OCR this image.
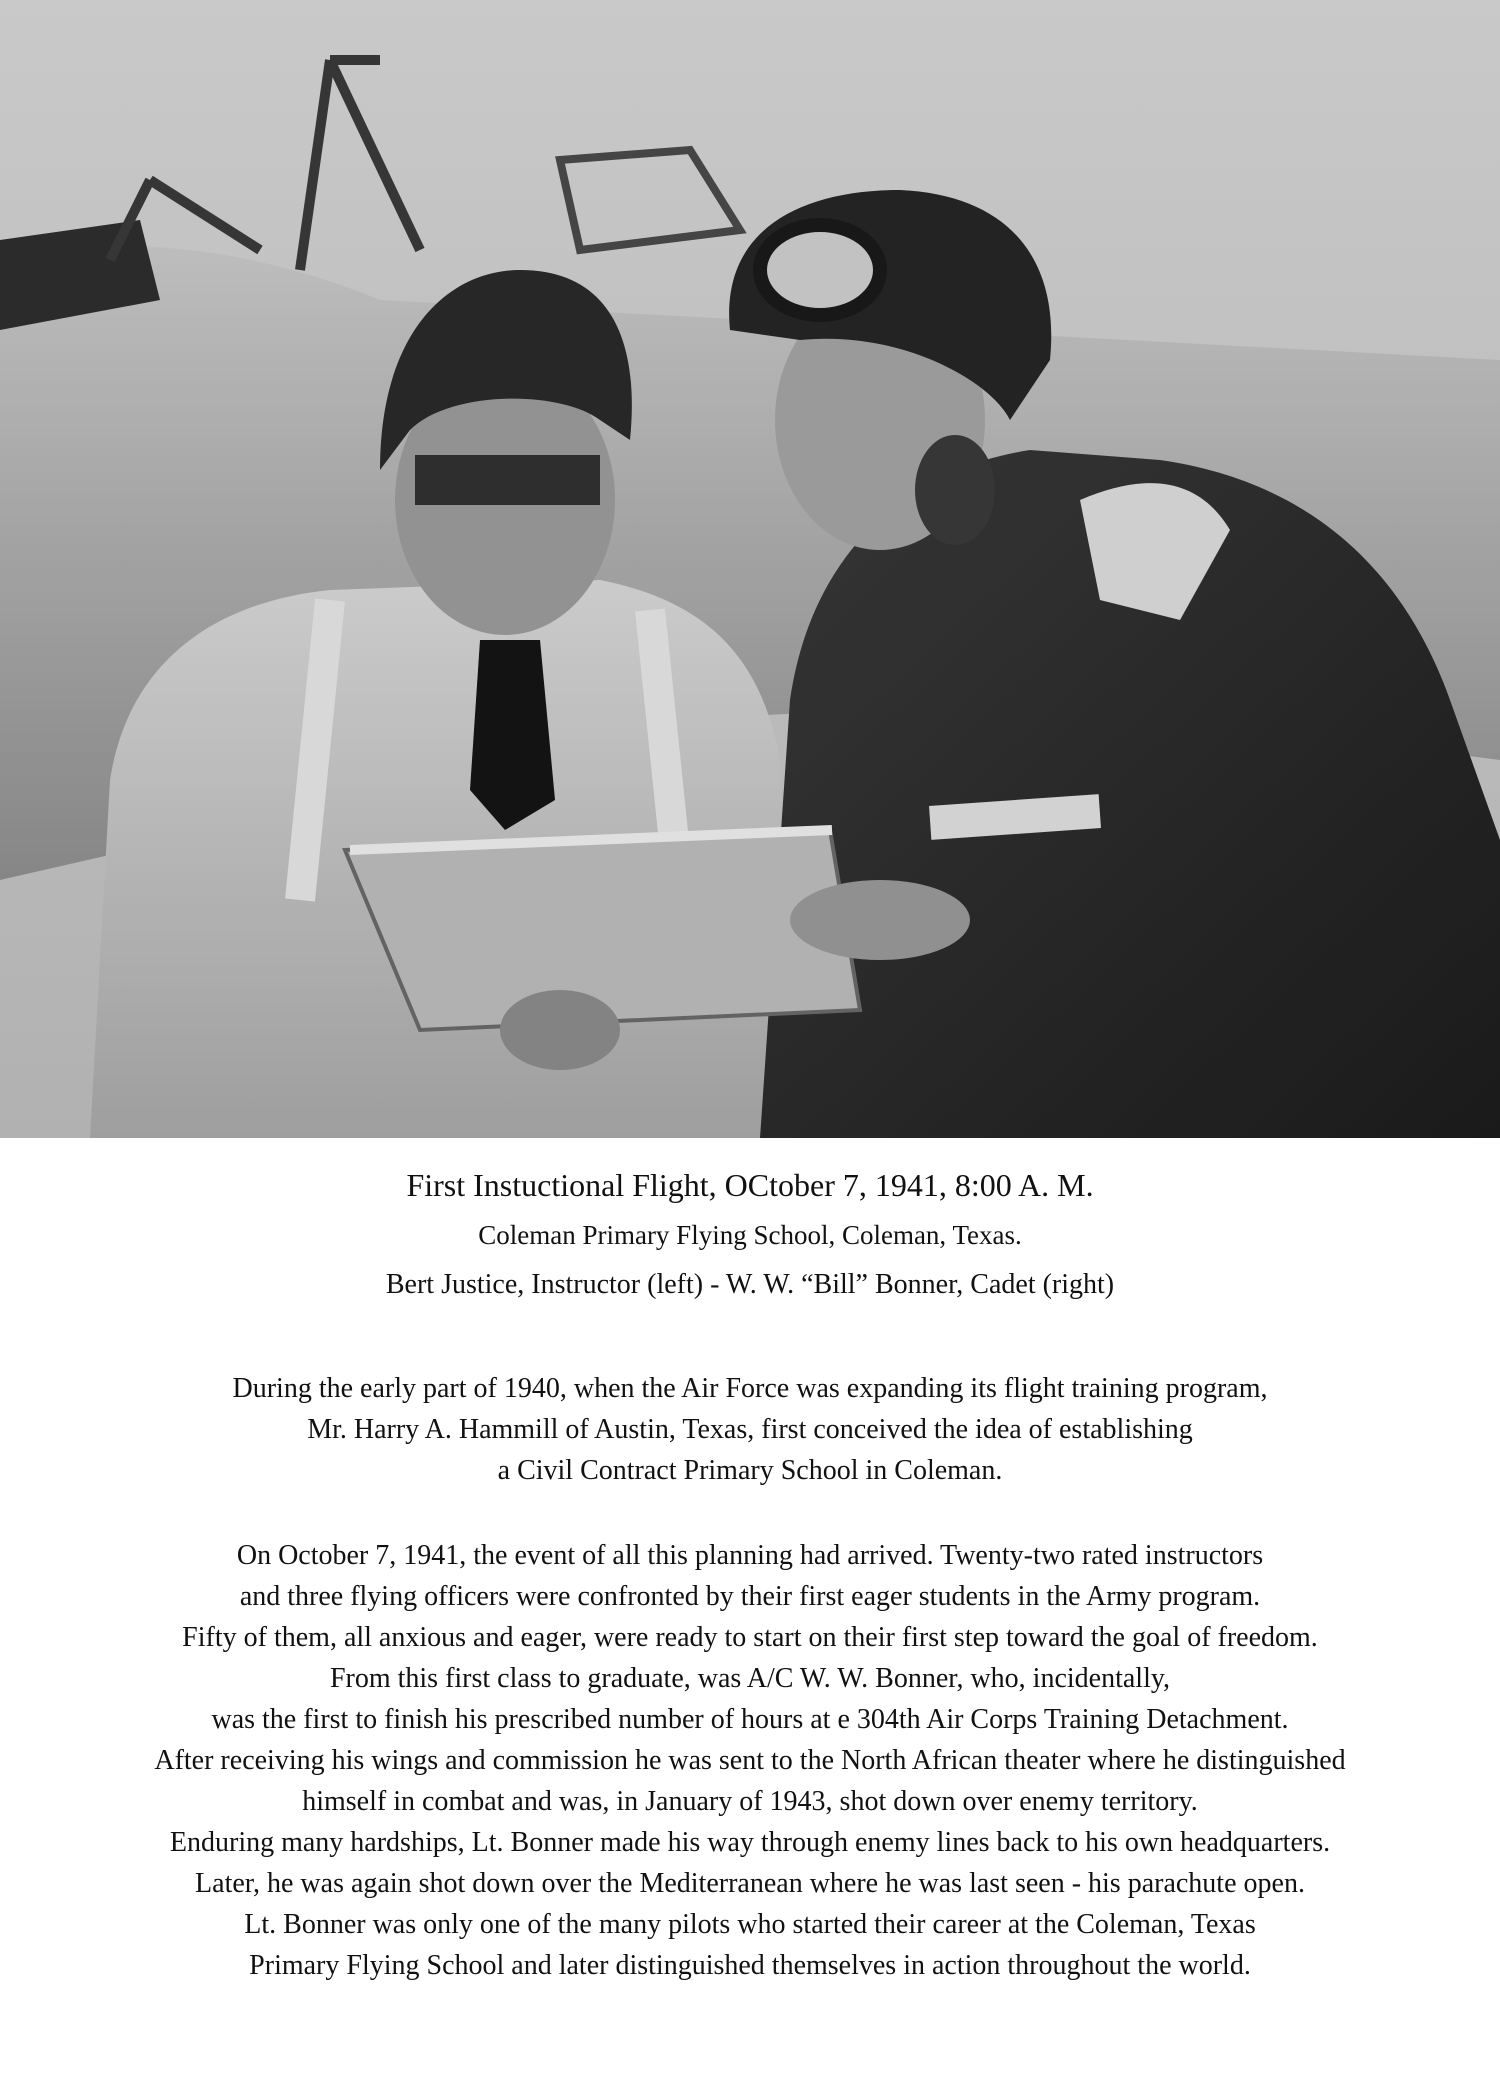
First Instuctional Flight, OCtober 7, 1941, 8:00 A. M.

Coleman Primary Flying School, Coleman, Texas.

Bert Justice, Instructor (left) - W. W. “Bill” Bonner, Cadet (right)

During the early part of 1940, when the Air Force was expanding its flight training program,
Mr. Harry A. Hammill of Austin, Texas, first conceived the idea of establishing
a Civil Contract Primary School in Coleman.
On October 7, 1941, the event of all this planning had arrived. Twenty-two rated instructors
and three flying officers were confronted by their first eager students in the Army program.
Fifty of them, all anxious and eager, were ready to start on their first step toward the goal of freedom.
From this first class to graduate, was A/C W. W. Bonner, who, incidentally,
was the first to finish his prescribed number of hours at e 304th Air Corps Training Detachment.
After receiving his wings and commission he was sent to the North African theater where he distinguished
himself in combat and was, in January of 1943, shot down over enemy territory.
Enduring many hardships, Lt. Bonner made his way through enemy lines back to his own headquarters.
Later, he was again shot down over the Mediterranean where he was last seen - his parachute open.
Lt. Bonner was only one of the many pilots who started their career at the Coleman, Texas
Primary Flying School and later distinguished themselves in action throughout the world.
